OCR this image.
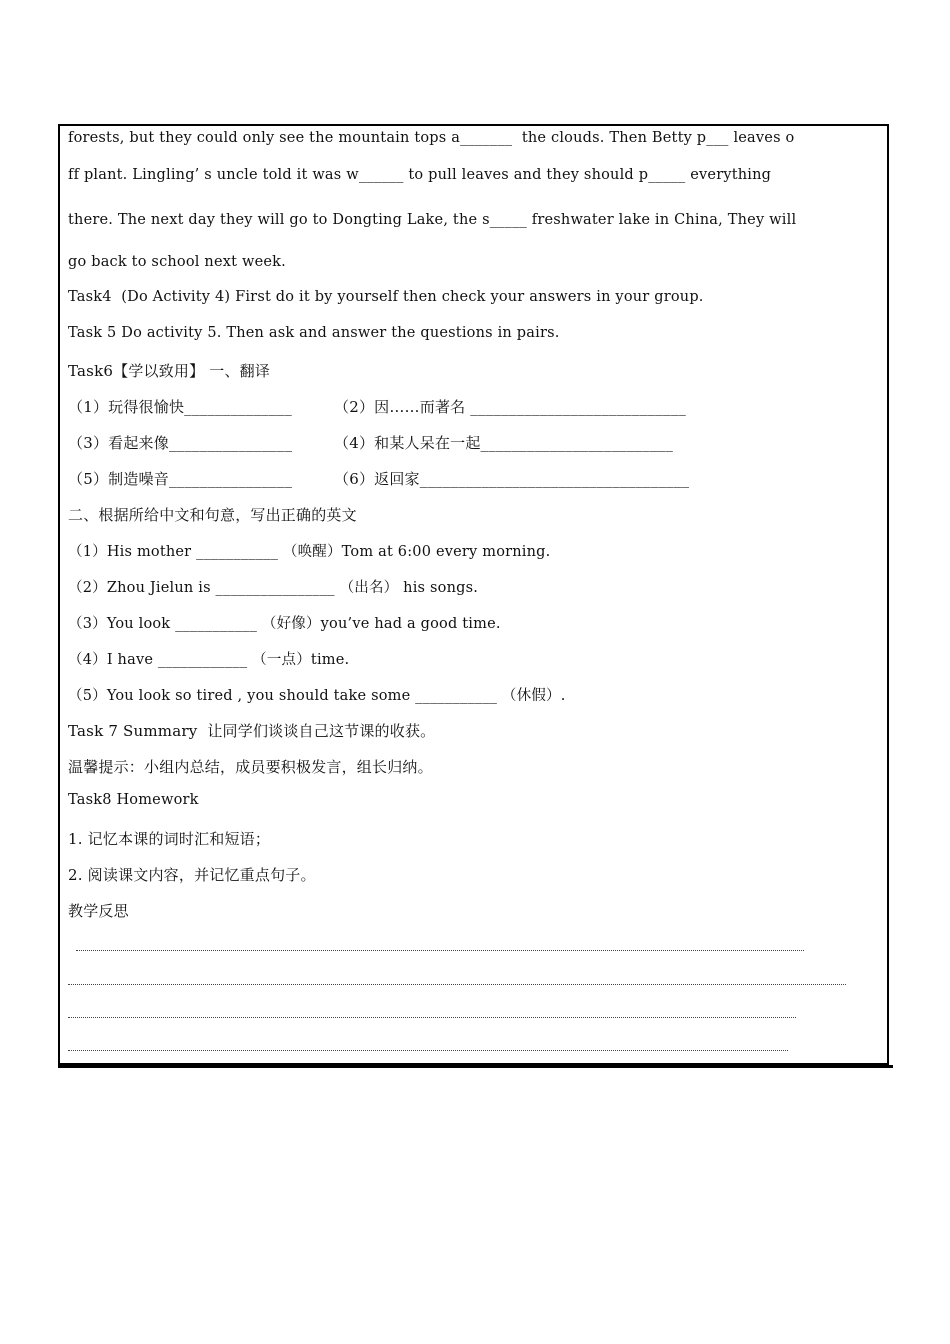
forests, but they could only see the mountain tops a_______  the clouds. Then Betty p___ leaves o
ff plant. Lingling’ s uncle told it was w______ to pull leaves and they should p_____ everything
there. The next day they will go to Dongting Lake, the s_____ freshwater lake in China, They will
go back to school next week.
Task4  (Do Activity 4) First do it by yourself then check your answers in your group.
Task 5 Do activity 5. Then ask and answer the questions in pairs.
Task6【学以致用】 一、翻译
（1）玩得很愉快______________	（2）因……而著名 ____________________________
（3）看起来像________________	（4）和某人呆在一起_________________________
（5）制造噪音________________	（6）返回家___________________________________
二、根据所给中文和句意，写出正确的英文
（1）His mother ___________ （唤醒）Tom at 6:00 every morning.
（2）Zhou Jielun is ________________ （出名） his songs.
（3）You look ___________ （好像）you’ve had a good time.
（4）I have ____________ （一点）time.
（5）You look so tired , you should take some ___________ （休假）.
Task 7 Summary  让同学们谈谈自己这节课的收获。
温馨提示：小组内总结，成员要积极发言，组长归纳。
Task8 Homework
1. 记忆本课的词时汇和短语；
2. 阅读课文内容，并记忆重点句子。
教学反思
